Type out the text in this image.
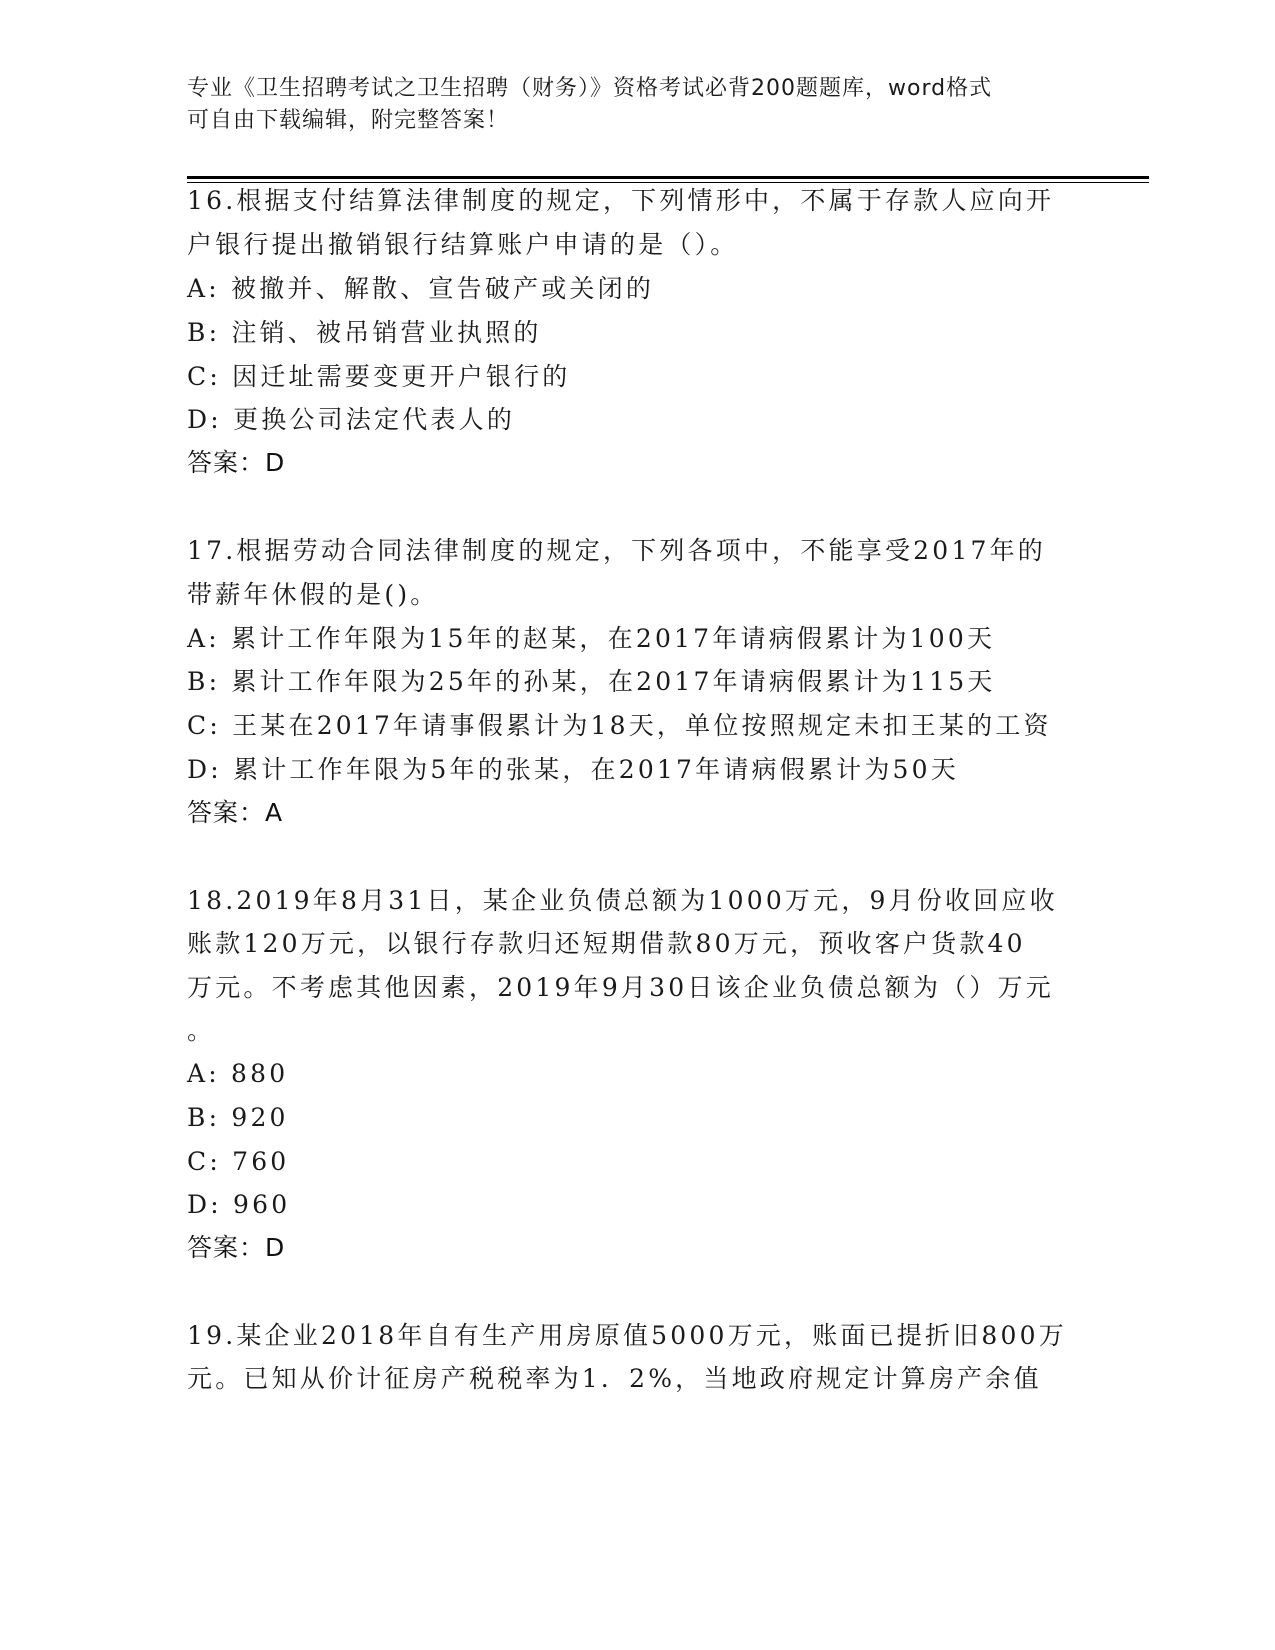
专业《卫生招聘考试之卫生招聘（财务）》资格考试必背200题题库，word格式
可自由下载编辑，附完整答案！
16.根据支付结算法律制度的规定，下列情形中，不属于存款人应向开
户银行提出撤销银行结算账户申请的是（）。
A: 被撤并、解散、宣告破产或关闭的
B: 注销、被吊销营业执照的
C: 因迁址需要变更开户银行的
D: 更换公司法定代表人的
答案：D
17.根据劳动合同法律制度的规定，下列各项中，不能享受2017年的
带薪年休假的是()。
A: 累计工作年限为15年的赵某，在2017年请病假累计为100天
B: 累计工作年限为25年的孙某，在2017年请病假累计为115天
C: 王某在2017年请事假累计为18天，单位按照规定未扣王某的工资
D: 累计工作年限为5年的张某，在2017年请病假累计为50天
答案：A
18.2019年8月31日，某企业负债总额为1000万元，9月份收回应收
账款120万元，以银行存款归还短期借款80万元，预收客户货款40
万元。不考虑其他因素，2019年9月30日该企业负债总额为（）万元
。
A: 880
B: 920
C: 760
D: 960
答案：D
19.某企业2018年自有生产用房原值5000万元，账面已提折旧800万
元。已知从价计征房产税税率为1．2%，当地政府规定计算房产余值
